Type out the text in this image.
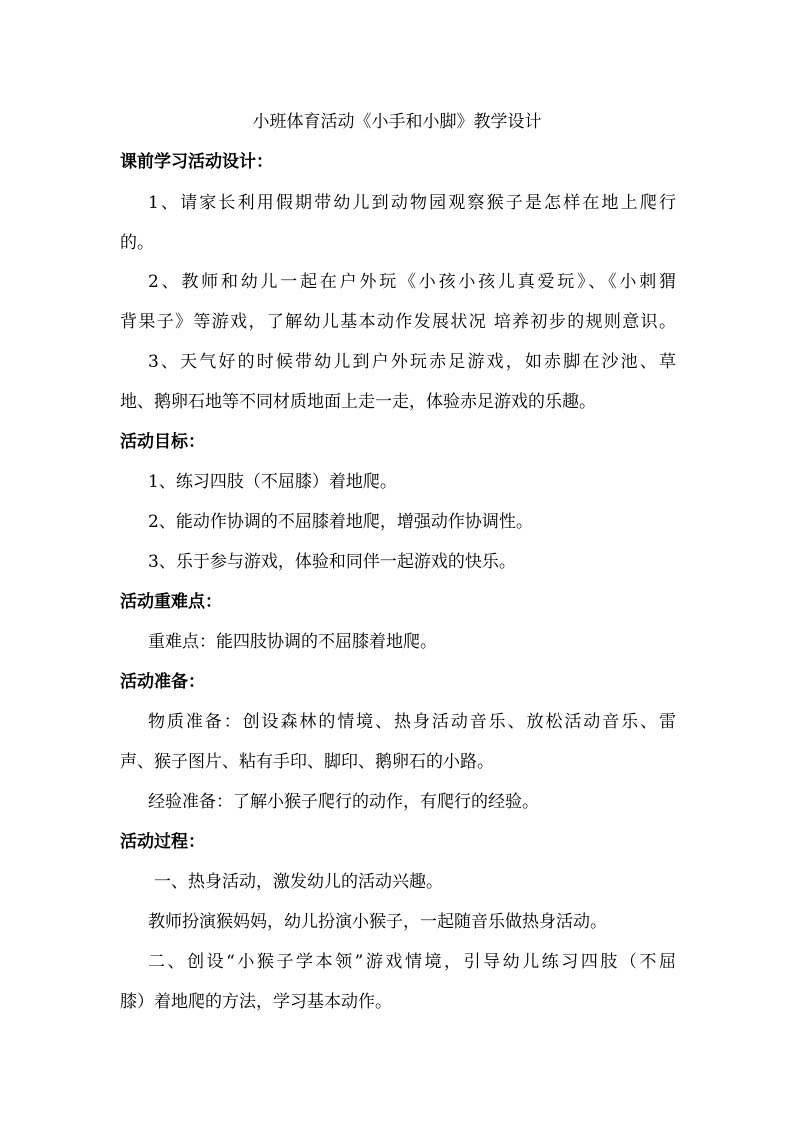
小班体育活动《小手和小脚》教学设计
课前学习活动设计：
1、请家长利用假期带幼儿到动物园观察猴子是怎样在地上爬行
的。
2、教师和幼儿一起在户外玩《小孩小孩儿真爱玩》、《小刺猬
背果子》等游戏，了解幼儿基本动作发展状况 培养初步的规则意识。
3、天气好的时候带幼儿到户外玩赤足游戏，如赤脚在沙池、草
地、鹅卵石地等不同材质地面上走一走，体验赤足游戏的乐趣。
活动目标：
1、练习四肢（不屈膝）着地爬。
2、能动作协调的不屈膝着地爬，增强动作协调性。
3、乐于参与游戏，体验和同伴一起游戏的快乐。
活动重难点：
重难点：能四肢协调的不屈膝着地爬。
活动准备：
物质准备：创设森林的情境、热身活动音乐、放松活动音乐、雷
声、猴子图片、粘有手印、脚印、鹅卵石的小路。
经验准备：了解小猴子爬行的动作，有爬行的经验。
活动过程：
一、热身活动，激发幼儿的活动兴趣。
教师扮演猴妈妈，幼儿扮演小猴子，一起随音乐做热身活动。
二、创设“小猴子学本领”游戏情境，引导幼儿练习四肢（不屈
膝）着地爬的方法，学习基本动作。
